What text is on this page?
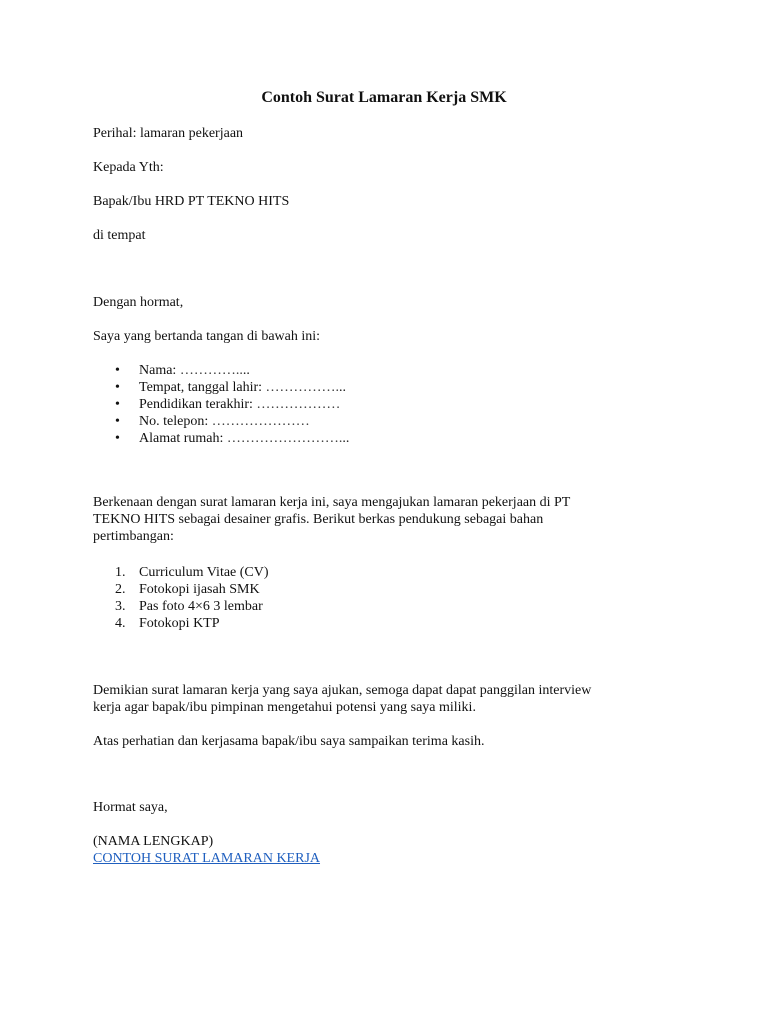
Contoh Surat Lamaran Kerja SMK
Perihal: lamaran pekerjaan
Kepada Yth:
Bapak/Ibu HRD PT TEKNO HITS
di tempat
Dengan hormat,
Saya yang bertanda tangan di bawah ini:
• Nama: …………....
• Tempat, tanggal lahir: ……………...
• Pendidikan terakhir: ………………
• No. telepon: …………………
• Alamat rumah: ……………………...
Berkenaan dengan surat lamaran kerja ini, saya mengajukan lamaran pekerjaan di PT
TEKNO HITS sebagai desainer grafis. Berikut berkas pendukung sebagai bahan
pertimbangan:
1. Curriculum Vitae (CV)
2. Fotokopi ijasah SMK
3. Pas foto 4×6 3 lembar
4. Fotokopi KTP
Demikian surat lamaran kerja yang saya ajukan, semoga dapat dapat panggilan interview
kerja agar bapak/ibu pimpinan mengetahui potensi yang saya miliki.
Atas perhatian dan kerjasama bapak/ibu saya sampaikan terima kasih.
Hormat saya,
(NAMA LENGKAP)
CONTOH SURAT LAMARAN KERJA
